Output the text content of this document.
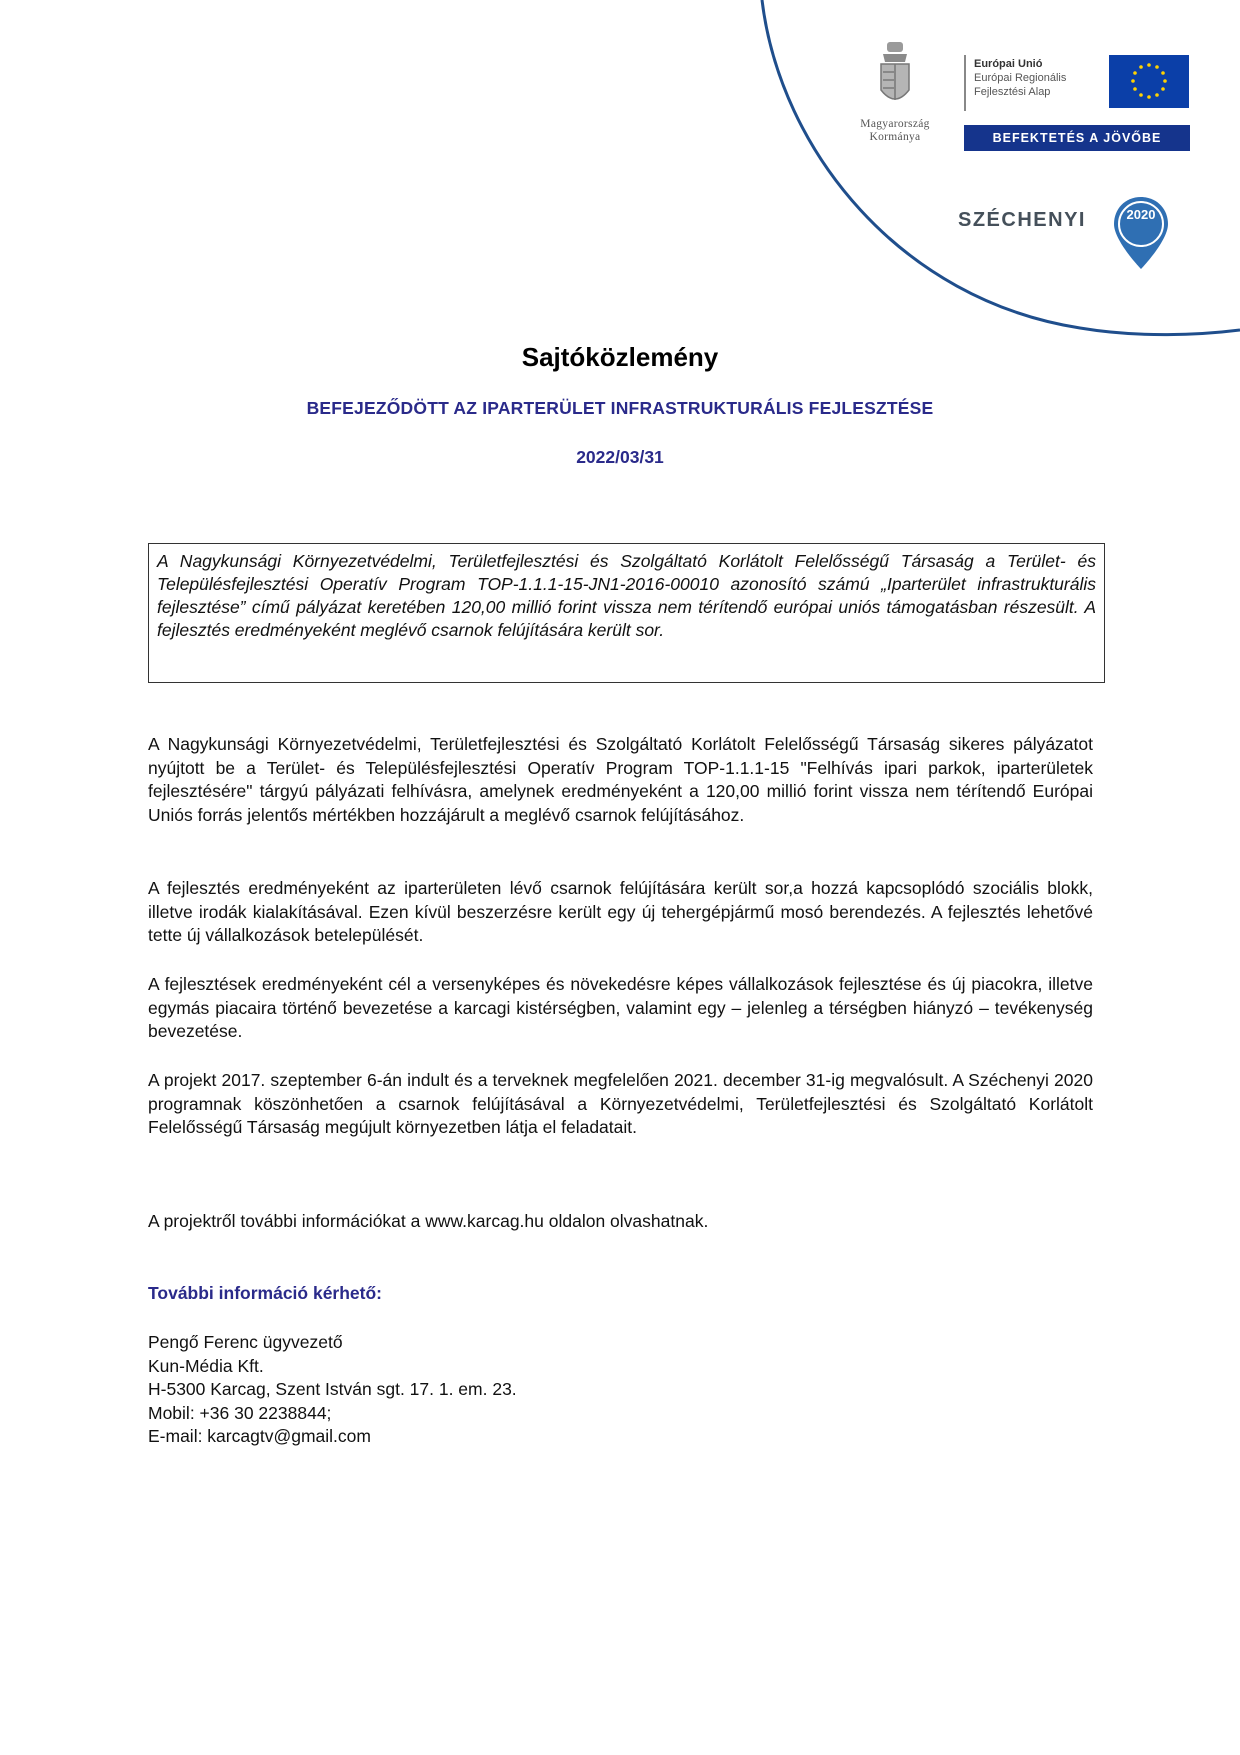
Magyarország
Kormánya
Európai Unió
Európai Regionális
Fejlesztési Alap
BEFEKTETÉS A JÖVŐBE
SZÉCHENYI	2020
Sajtóközlemény
BEFEJEZŐDÖTT AZ IPARTERÜLET INFRASTRUKTURÁLIS FEJLESZTÉSE
2022/03/31

A Nagykunsági Környezetvédelmi, Területfejlesztési és Szolgáltató Korlátolt Felelősségű Társaság a Terület- és Településfejlesztési Operatív Program TOP-1.1.1-15-JN1-2016-00010 azonosító számú „Iparterület infrastrukturális fejlesztése” című pályázat keretében 120,00 millió forint vissza nem térítendő európai uniós támogatásban részesült. A fejlesztés eredményeként meglévő csarnok felújítására került sor.

A Nagykunsági Környezetvédelmi, Területfejlesztési és Szolgáltató Korlátolt Felelősségű Társaság sikeres pályázatot nyújtott be a Terület- és Településfejlesztési Operatív Program TOP-1.1.1-15 "Felhívás ipari parkok, iparterületek fejlesztésére" tárgyú pályázati felhívásra, amelynek eredményeként a 120,00 millió forint vissza nem térítendő Európai Uniós forrás jelentős mértékben hozzájárult a meglévő csarnok felújításához.

A fejlesztés eredményeként az iparterületen lévő csarnok felújítására került sor,a hozzá kapcsoplódó szociális blokk, illetve irodák kialakításával. Ezen kívül beszerzésre került egy új tehergépjármű mosó berendezés. A fejlesztés lehetővé tette új vállalkozások betelepülését.

A fejlesztések eredményeként cél a versenyképes és növekedésre képes vállalkozások fejlesztése és új piacokra, illetve egymás piacaira történő bevezetése a karcagi kistérségben, valamint egy – jelenleg a térségben hiányzó – tevékenység bevezetése.

A projekt 2017. szeptember 6-án indult és a terveknek megfelelően 2021. december 31-ig megvalósult. A Széchenyi 2020 programnak köszönhetően a csarnok felújításával a Környezetvédelmi, Területfejlesztési és Szolgáltató Korlátolt Felelősségű Társaság megújult környezetben látja el feladatait.

A projektről további információkat a www.karcag.hu oldalon olvashatnak.

További információ kérhető:
Pengő Ferenc ügyvezető
Kun-Média Kft.
H-5300 Karcag, Szent István sgt. 17. 1. em. 23.
Mobil: +36 30 2238844;
E-mail: karcagtv@gmail.com
